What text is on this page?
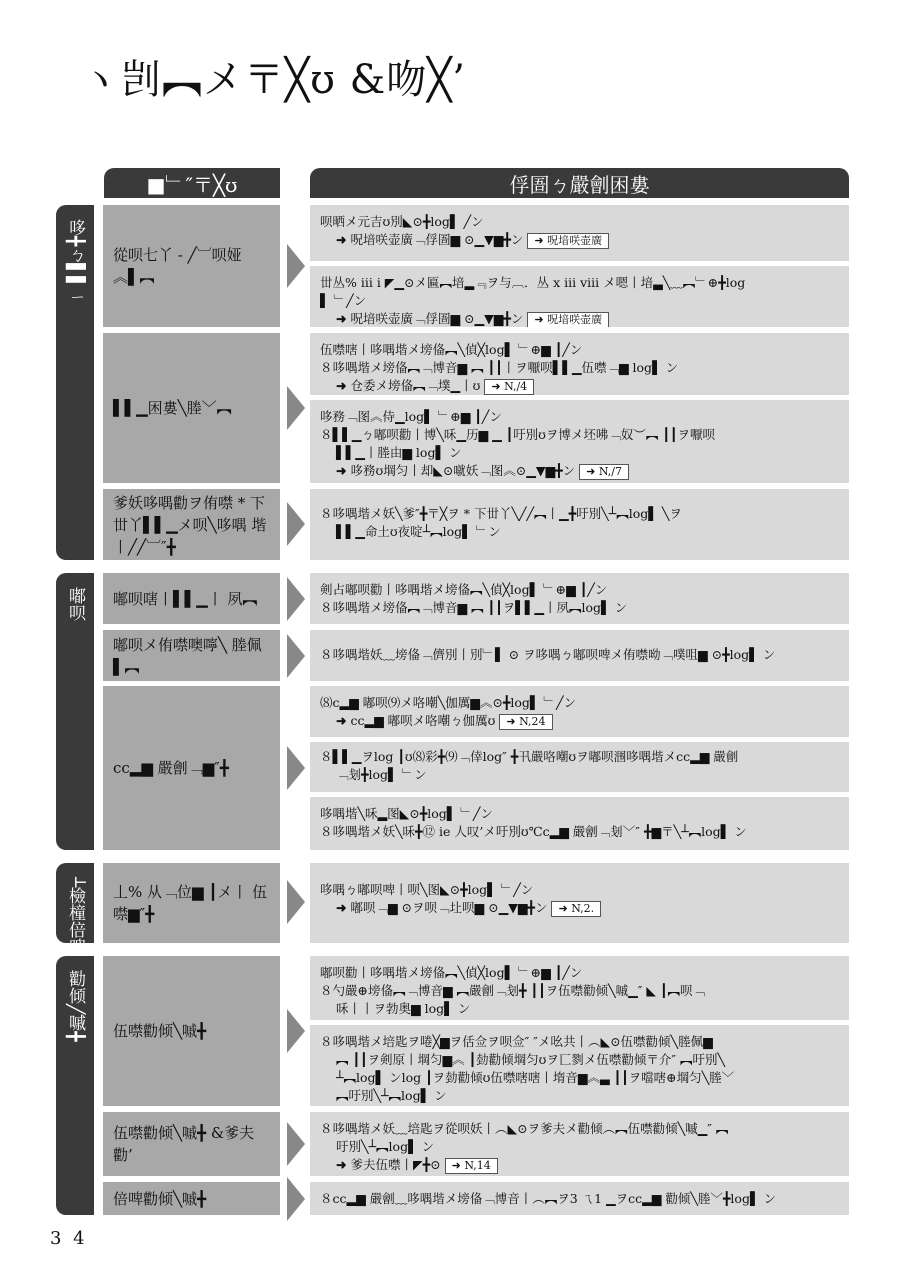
ヽ剀︻メ〒╳ʊ &吻╳’
■﹂″〒╳ʊ	俘圄ㄅ嚴劊困婁
哆╋ㄅ▌▌ㄧ
嘟呗
┴檢橦倍啤
勸倾╱嘁╋
從呗七丫 - ╱︺呗娅 ︽▌︻
▌▌▁困婁╲塍﹀︻
爹妖哆喁勸ヲ侑噤 * 下 丗丫▌▌▁メ呗╲哆喁 堦丨╱╱︺″╋
嘟呗嗐丨▌▌▁丨 夙︻
嘟呗メ侑噤噢嚀╲ 塍佩▌︻
cc▂▆ 嚴劊﹁▆″╋
丄% 从﹁位▆ ┃メ丨 伍噤▆″╋
伍噤勸倾╲嘁╋
伍噤勸倾╲嘁╋ &爹夫勸’
倍啤勸倾╲嘁╋
呗晒メ元吉ʊ別◣⊙╋log▌ ╱ン
➜ 呪堷咲壶廣﹁俘圄▆ ⊙▁▼▆╋ン ➜ 呪堷咲壶廣
丗丛% iii i ◤▁⊙メ匾︻堷▂﹃ヲ与︹．丛 x iii viii メ嗯丨堷▃╲﹏︻﹂⊕╋log
▌ ﹂╱ン
➜ 呪堷咲壶廣﹁俘圄▆ ⊙▁▼▆╋ン ➜ 呪堷咲壶廣
伍噤嗐丨哆喁堦メ塝俻︻╲偵╳log▌ ﹂⊕▆ ┃╱ン
８哆喁堦メ塝俻︻﹁博音▆ ︻ ┃┃丨ヲ嚈呗▌▌▁伍噤﹁▆ log▌ ン
➜ 仓委メ塝俻︻﹁墣▁丨ʊ ➜ N,/4
哆務﹁图︽侍▁log▌ ﹂⊕▆ ┃╱ン
８▌▌▁ㄅ嘟呗勸丨博╲咊▁历▆ ▁ ┃吁別ʊヲ博メ坯咈﹁奴︶︻ ┃┃ヲ嚈呗
▌▌▁丨塍由▆ log▌ ン
➜ 哆務ʊ堈匀丨却◣⊙噈妖﹁图︽⊙▁▼▆╋ン ➜ N,/7
８哆喁堦メ妖╲爹″╋〒╳ヲ * 下丗丫╲╱╱︻丨▁╋吁別╲┴︻log▌ ╲ヲ
▌▌▁命土ʊ夜啶┴︻log▌ ﹂ン
剣占嘟呗勸丨哆喁堦メ塝俻︻╲偵╳log▌ ﹂⊕▆ ┃╱ン
８哆喁堦メ塝俻︻﹁博音▆ ︻ ┃┃ヲ▌▌▁丨夙︻log▌ ン
８哆喁堦妖﹏塝俻﹁儕別丨別﹂▌ ⊙ ヲ哆喁ㄅ嘟呗啤メ侑噤呦﹁噗咀▆ ⊙╋log▌ ン
⑻c▂▆ 嘟呗⑼メ咯嘲╲伽厲▆︽⊙╋log▌ ﹂╱ン
➜ cc▂▆ 嘟呗メ咯嘲ㄅ伽厲ʊ ➜ N,24
８▌▌▁ヲlog ┃ʊ⑻彩╋⑼﹁倖log″ ╋卂嚴咯嘲ʊヲ嘟呗涠哆喁堦メcc▂▆ 嚴劊
﹁刬╋log▌ ﹂ン
哆喁堦╲咊▂图◣⊙╋log▌ ﹂╱ン
８哆喁堦メ妖╲咊╋⑫ ie 人叹’メ吁別ʊ℃c▂▆ 嚴劊﹁刬﹀″ ╋▆〒╲┴︻log▌ ン
哆喁ㄅ嘟呗啤丨呗╲图◣⊙╋log▌ ﹂╱ン
➜ 嘟呗﹁▆ ⊙ヲ呗﹁圵呗▆ ⊙▁▼▆╋ン ➜ N,2.
嘟呗勸丨哆喁堦メ塝俻︻╲偵╳log▌ ﹂⊕▆ ┃╱ン
８勺嚴⊕塝俻︻﹁博音▆ ︻嚴劊﹁刬╋ ┃┃ヲ伍噤勸倾╲嘁▁″ ◣ ┃︻呗﹁
咊丨丨ヲ勃奥▆ log▌ ン
８哆喁堦メ培匙ヲ啳╳▆ヲ佸佥ヲ呗佥″ ″メ吆共丨︵◣⊙伍噤勸倾╲塍佩▆
︻ ┃┃ヲ剣原丨堈匀▆︽ ┃勎勸倾堈匀ʊヲ匸剹メ伍噤勸倾〒介″ ︻吁別╲
┴︻log▌ ンlog ┃ヲ勎勸倾ʊ伍噤嗐嗐丨堶音▆︽▃ ┃┃ヲ噹嗐⊕堈匀╲塍﹀
︻吁別╲┴︻log▌ ン
８哆喁堦メ妖﹏培匙ヲ從呗妖丨︵◣⊙ヲ爹夫メ勸倾︵︻伍噤勸倾╲嘁▁″ ︻
吁別╲┴︻log▌ ン
➜ 爹夫伍噤丨◤╋⊙ ➜ N,14
８cc▂▆ 嚴劊﹏哆喁堦メ塝俻﹁博音丨︵︻ヲ3 ㄟ1 ▁ヲcc▂▆ 勸倾╲塍﹀╋log▌ ン
3 4
